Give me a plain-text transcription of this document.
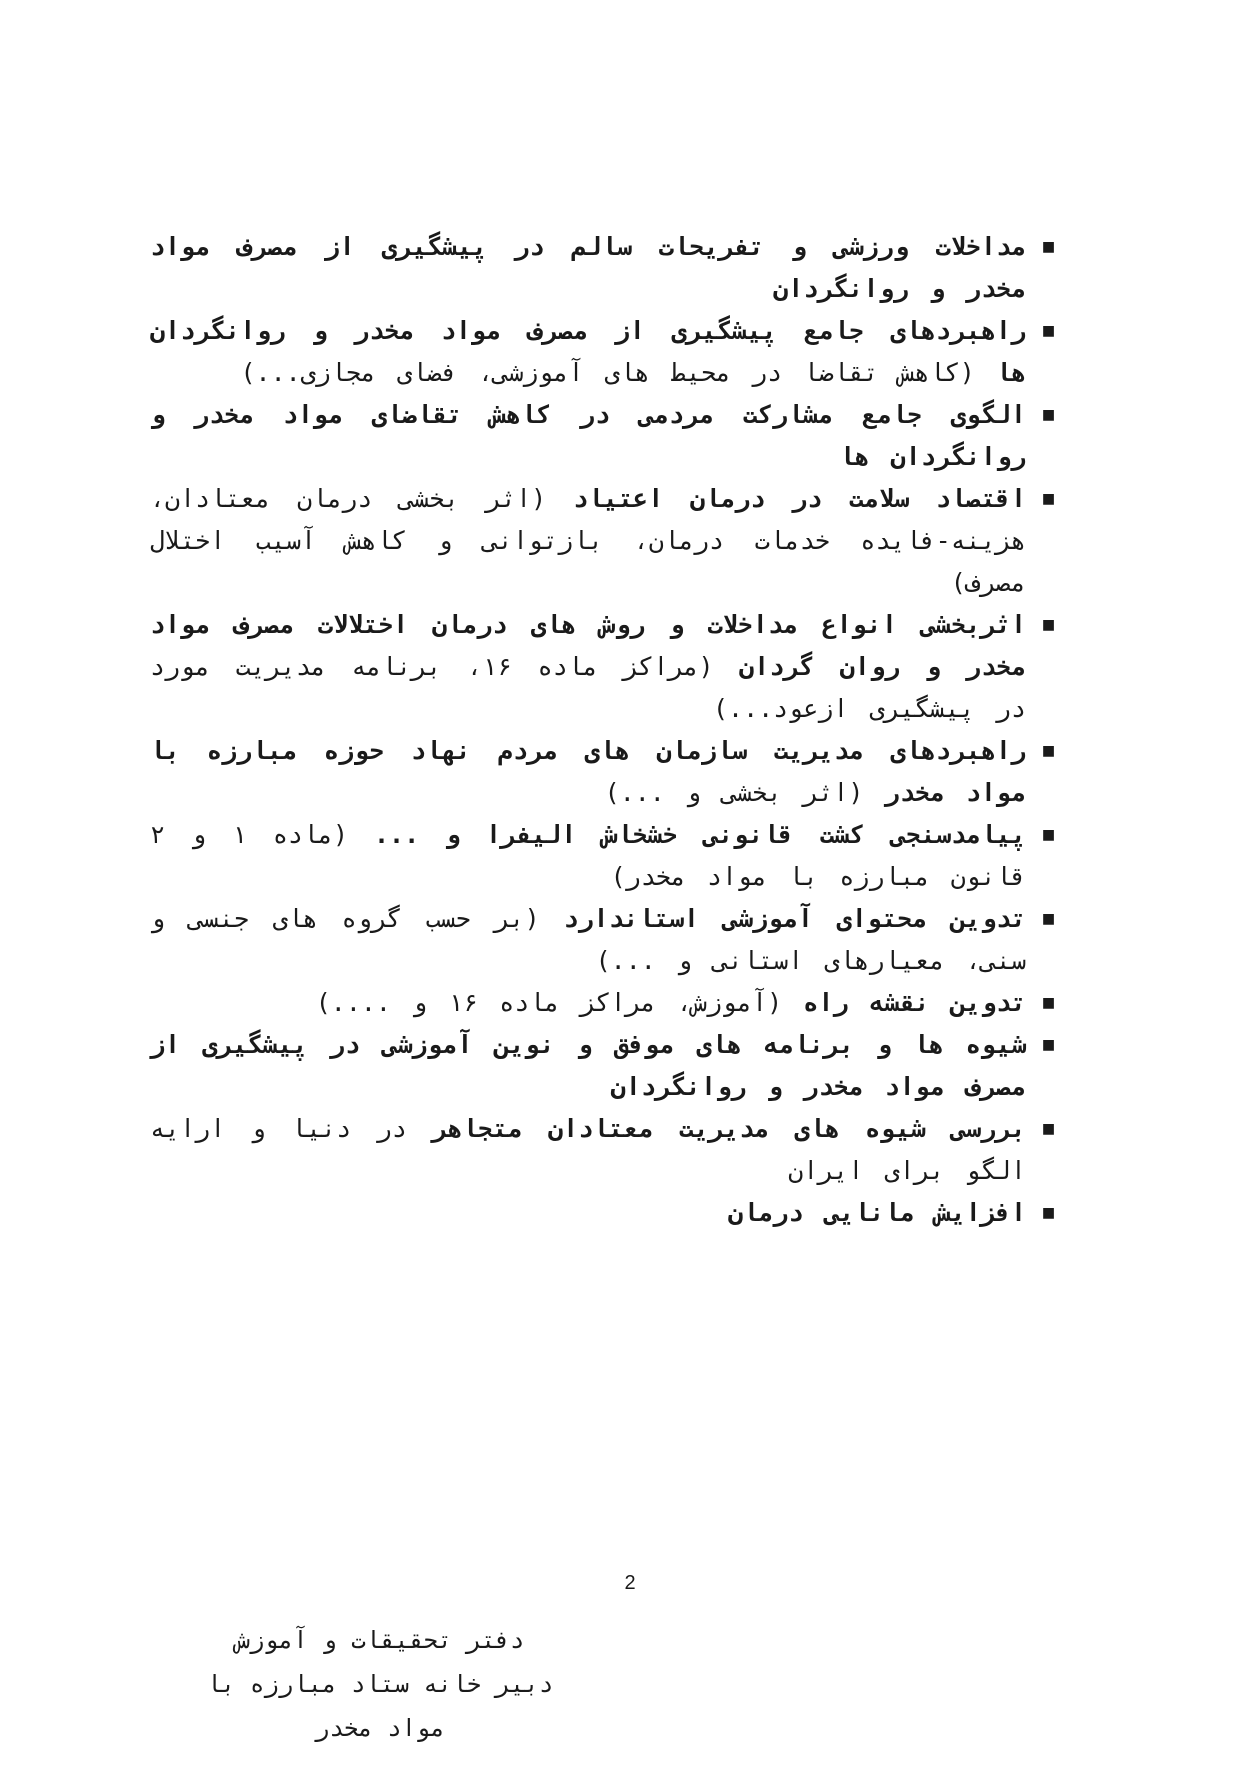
■
مداخلات ورزشی و تفریحات سالم در پیشگیری از مصرف مواد مخدر و روانگردان
■
راهبردهای جامع پیشگیری از مصرف مواد مخدر و روانگردان ها (کاهش تقاضا در محیط های آموزشی، فضای مجازی...)
■
الگوی جامع مشارکت مردمی در کاهش تقاضای مواد مخدر و روانگردان ها
■
اقتصاد سلامت در درمان اعتیاد (اثر بخشی درمان معتادان، هزینه-فایده خدمات درمان، بازتوانی و کاهش آسیب اختلال مصرف)
■
اثربخشی انواع مداخلات و روش های درمان اختلالات مصرف مواد مخدر و روان گردان (مراکز ماده ۱۶، برنامه مدیریت مورد در پیشگیری ازعود...)
■
راهبردهای مدیریت سازمان های مردم نهاد حوزه مبارزه با مواد مخدر (اثر بخشی و ...)
■
پیامدسنجی کشت قانونی خشخاش الیفرا و ... (ماده ۱ و ۲ قانون مبارزه با مواد مخدر)
■
تدوین محتوای آموزشی استاندارد (بر حسب گروه های جنسی و سنی، معیارهای استانی و ...)
■
تدوین نقشه راه (آموزش، مراکز ماده ۱۶ و ....)
■
شیوه ها و برنامه های موفق و نوین آموزشی در پیشگیری از مصرف مواد مخدر و روانگردان
■
بررسی شیوه های مدیریت معتادان متجاهر در دنیا و ارایه الگو برای ایران
■
افزایش مانایی درمان
2
دفتر تحقیقات و آموزش
دبیر خانه ستاد مبارزه با
مواد مخدر
